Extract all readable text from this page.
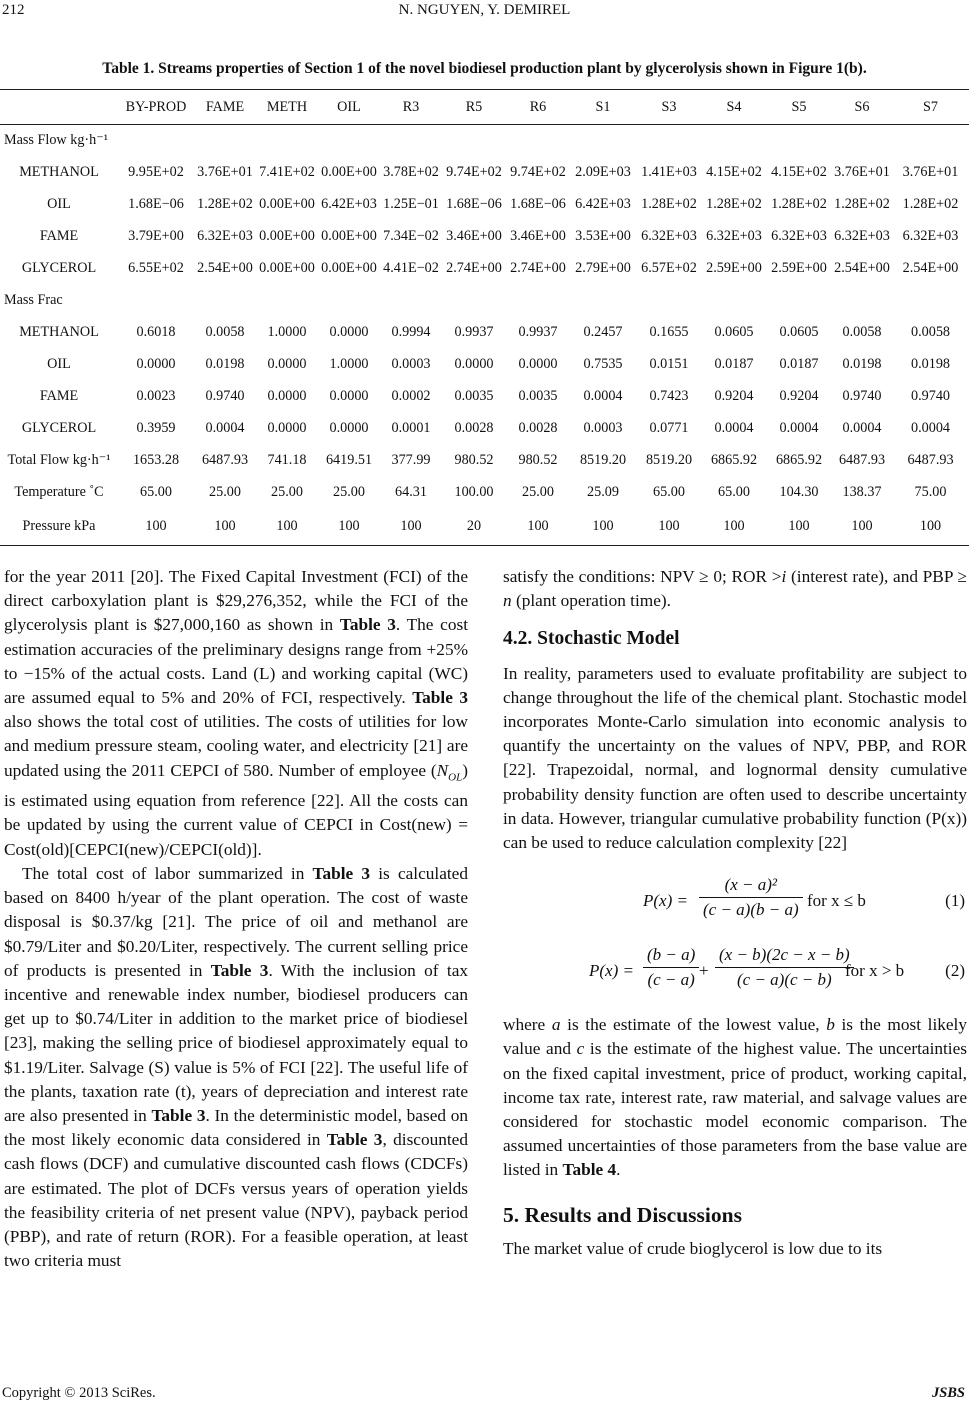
212	N. NGUYEN, Y. DEMIREL
Table 1. Streams properties of Section 1 of the novel biodiesel production plant by glycerolysis shown in Figure 1(b).
	BY-PROD	FAME	METH	OIL	R3	R5	R6	S1	S3	S4	S5	S6	S7
Mass Flow kg·h⁻¹													
METHANOL	9.95E+02	3.76E+01	7.41E+02	0.00E+00	3.78E+02	9.74E+02	9.74E+02	2.09E+03	1.41E+03	4.15E+02	4.15E+02	3.76E+01	3.76E+01
OIL	1.68E−06	1.28E+02	0.00E+00	6.42E+03	1.25E−01	1.68E−06	1.68E−06	6.42E+03	1.28E+02	1.28E+02	1.28E+02	1.28E+02	1.28E+02
FAME	3.79E+00	6.32E+03	0.00E+00	0.00E+00	7.34E−02	3.46E+00	3.46E+00	3.53E+00	6.32E+03	6.32E+03	6.32E+03	6.32E+03	6.32E+03
GLYCEROL	6.55E+02	2.54E+00	0.00E+00	0.00E+00	4.41E−02	2.74E+00	2.74E+00	2.79E+00	6.57E+02	2.59E+00	2.59E+00	2.54E+00	2.54E+00
Mass Frac													
METHANOL	0.6018	0.0058	1.0000	0.0000	0.9994	0.9937	0.9937	0.2457	0.1655	0.0605	0.0605	0.0058	0.0058
OIL	0.0000	0.0198	0.0000	1.0000	0.0003	0.0000	0.0000	0.7535	0.0151	0.0187	0.0187	0.0198	0.0198
FAME	0.0023	0.9740	0.0000	0.0000	0.0002	0.0035	0.0035	0.0004	0.7423	0.9204	0.9204	0.9740	0.9740
GLYCEROL	0.3959	0.0004	0.0000	0.0000	0.0001	0.0028	0.0028	0.0003	0.0771	0.0004	0.0004	0.0004	0.0004
Total Flow kg·h⁻¹	1653.28	6487.93	741.18	6419.51	377.99	980.52	980.52	8519.20	8519.20	6865.92	6865.92	6487.93	6487.93
Temperature ˚C	65.00	25.00	25.00	25.00	64.31	100.00	25.00	25.09	65.00	65.00	104.30	138.37	75.00
Pressure kPa	100	100	100	100	100	20	100	100	100	100	100	100	100

for the year 2011 [20]. The Fixed Capital Investment (FCI) of the direct carboxylation plant is $29,276,352, while the FCI of the glycerolysis plant is $27,000,160 as shown in Table 3. The cost estimation accuracies of the preliminary designs range from +25% to −15% of the actual costs. Land (L) and working capital (WC) are assumed equal to 5% and 20% of FCI, respectively. Table 3 also shows the total cost of utilities. The costs of utilities for low and medium pressure steam, cooling water, and electricity [21] are updated using the 2011 CEPCI of 580. Number of employee $(N_{OL})$ is estimated using equation from reference [22]. All the costs can be updated by using the current value of CEPCI in Cost(new) = Cost(old)[CEPCI(new)/CEPCI(old)].

The total cost of labor summarized in Table 3 is calculated based on 8400 h/year of the plant operation. The cost of waste disposal is $0.37/kg [21]. The price of oil and methanol are $0.79/Liter and $0.20/Liter, respectively. The current selling price of products is presented in Table 3. With the inclusion of tax incentive and renewable index number, biodiesel producers can get up to $0.74/Liter in addition to the market price of biodiesel [23], making the selling price of biodiesel approximately equal to $1.19/Liter. Salvage (S) value is 5% of FCI [22]. The useful life of the plants, taxation rate (t), years of depreciation and interest rate are also presented in Table 3. In the deterministic model, based on the most likely economic data considered in Table 3, discounted cash flows (DCF) and cumulative discounted cash flows (CDCFs) are estimated. The plot of DCFs versus years of operation yields the feasibility criteria of net present value (NPV), payback period (PBP), and rate of return (ROR). For a feasible operation, at least two criteria must

satisfy the conditions: NPV ≥ 0; ROR >i (interest rate), and PBP ≥ n (plant operation time).

4.2. Stochastic Model

In reality, parameters used to evaluate profitability are subject to change throughout the life of the chemical plant. Stochastic model incorporates Monte-Carlo simulation into economic analysis to quantify the uncertainty on the values of NPV, PBP, and ROR [22]. Trapezoidal, normal, and lognormal density cumulative probability density function are often used to describe uncertainty in data. However, triangular cumulative probability function (P(x)) can be used to reduce calculation complexity [22]

$P(x) = \frac{\text{(x − a)²}}{(c - a)(b - a)}$ for x ≤ b	(1)
$P(x) = \frac{(b - a)}{(c - a)} + \frac{(x - b)(2c - x - b)}{(c - a)(c - b)}$
for x > b (2)

where a is the estimate of the lowest value, b is the most likely value and c is the estimate of the highest value. The uncertainties on the fixed capital investment, price of product, working capital, income tax rate, interest rate, raw material, and salvage values are considered for stochastic model economic comparison. The assumed uncertainties of those parameters from the base value are listed in Table 4.

5. Results and Discussions

The market value of crude bioglycerol is low due to its

Copyright © 2013 SciRes.	JSBS
